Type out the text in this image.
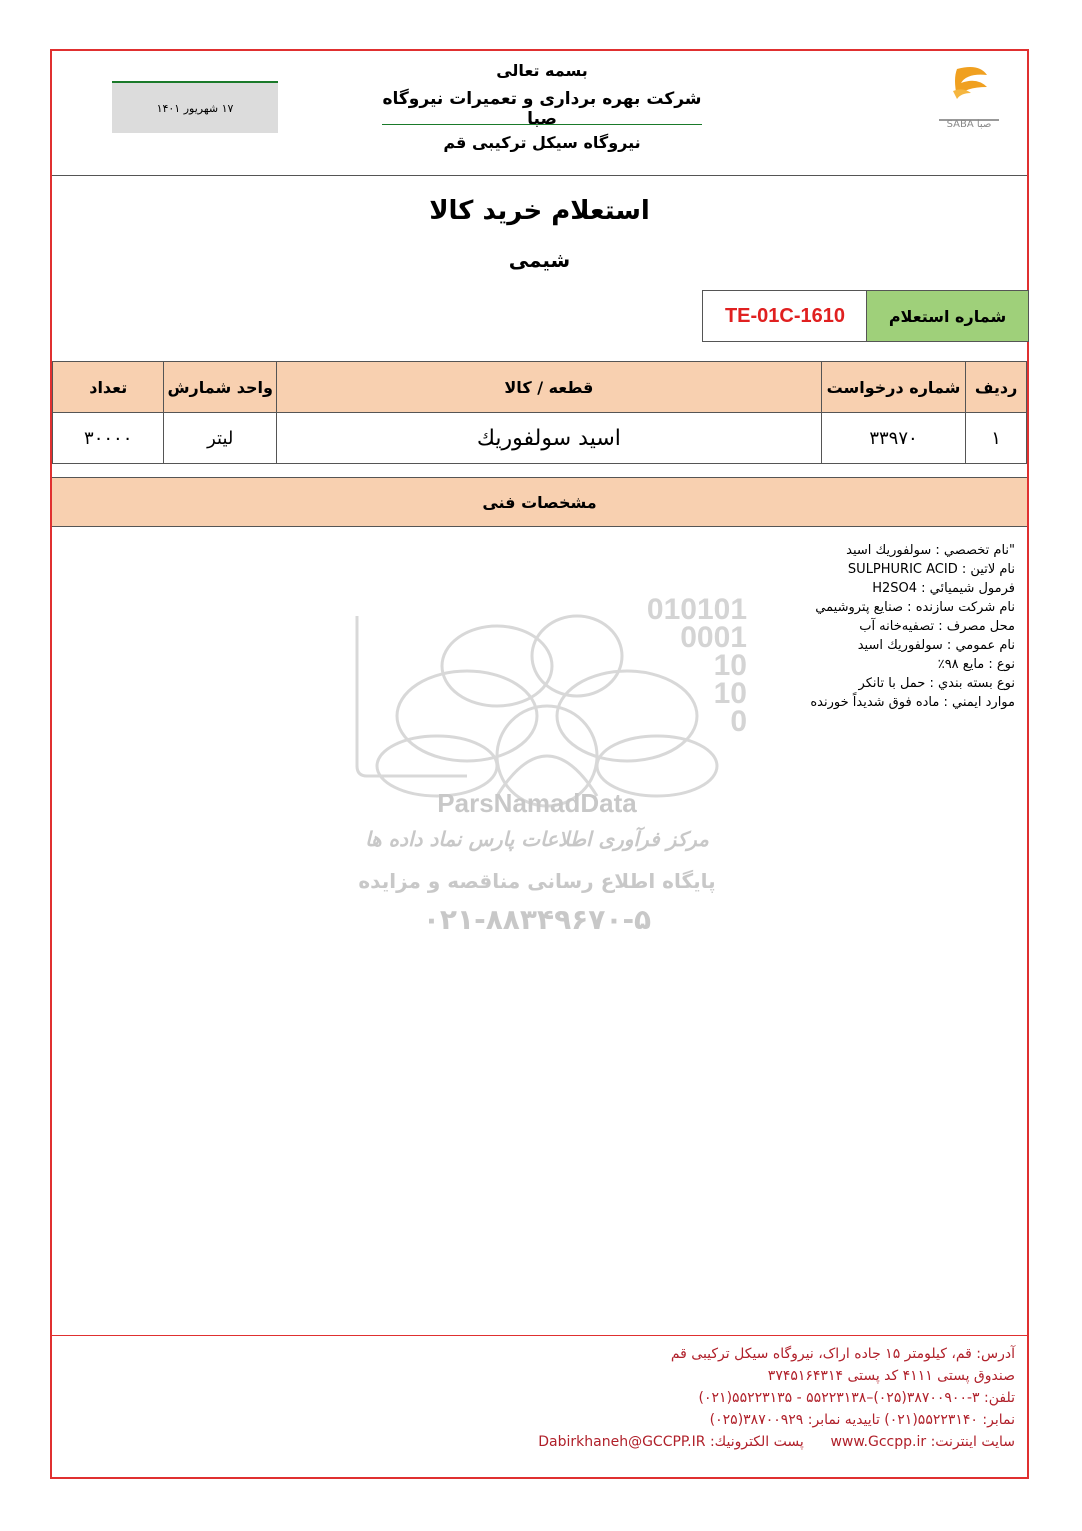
۱۷ شهریور ۱۴۰۱
بسمه تعالی
شرکت بهره برداری و تعمیرات نیروگاه صبا
نیروگاه سیکل ترکیبی قم
SABA صبا
استعلام خرید کالا
شیمی
TE-01C-1610	شماره استعلام
ردیف	شماره درخواست	قطعه / کالا	واحد شمارش	تعداد
۱	۳۳۹۷۰	اسید سولفوریك	لیتر	۳۰۰۰۰
مشخصات فنی
010101
0001
10
10
0
ParsNamadData
مرکز فرآوری اطلاعات پارس نماد داده ها
پایگاه اطلاع رسانی مناقصه و مزایده
۰۲۱-۸۸۳۴۹۶۷۰-۵
"نام تخصصي : سولفوريك اسيد
نام لاتين : SULPHURIC ACID
فرمول شيميائي : H2SO4
نام شركت سازنده : صنايع پتروشيمي
محل مصرف : تصفيه‌خانه آب
نام عمومي : سولفوريك اسيد
نوع : مايع ۹۸٪
نوع بسته بندي : حمل با تانكر
موارد ايمني : ماده فوق شديداً خورنده
آدرس: قم، کیلومتر ۱۵ جاده اراک، نیروگاه سیکل ترکیبی قم
صندوق پستی ۴۱۱۱ کد پستی ۳۷۴۵۱۶۴۳۱۴
تلفن: ۳-۳۸۷۰۰۹۰۰(۰۲۵)–۵۵۲۲۳۱۳۸ - ۵۵۲۲۳۱۳۵(۰۲۱)
نمابر: ۵۵۲۲۳۱۴۰(۰۲۱) تاییدیه نمابر: ۳۸۷۰۰۹۲۹(۰۲۵)
سایت اینترنت: www.Gccpp.ir      پست الکترونیك: Dabirkhaneh@GCCPP.IR
